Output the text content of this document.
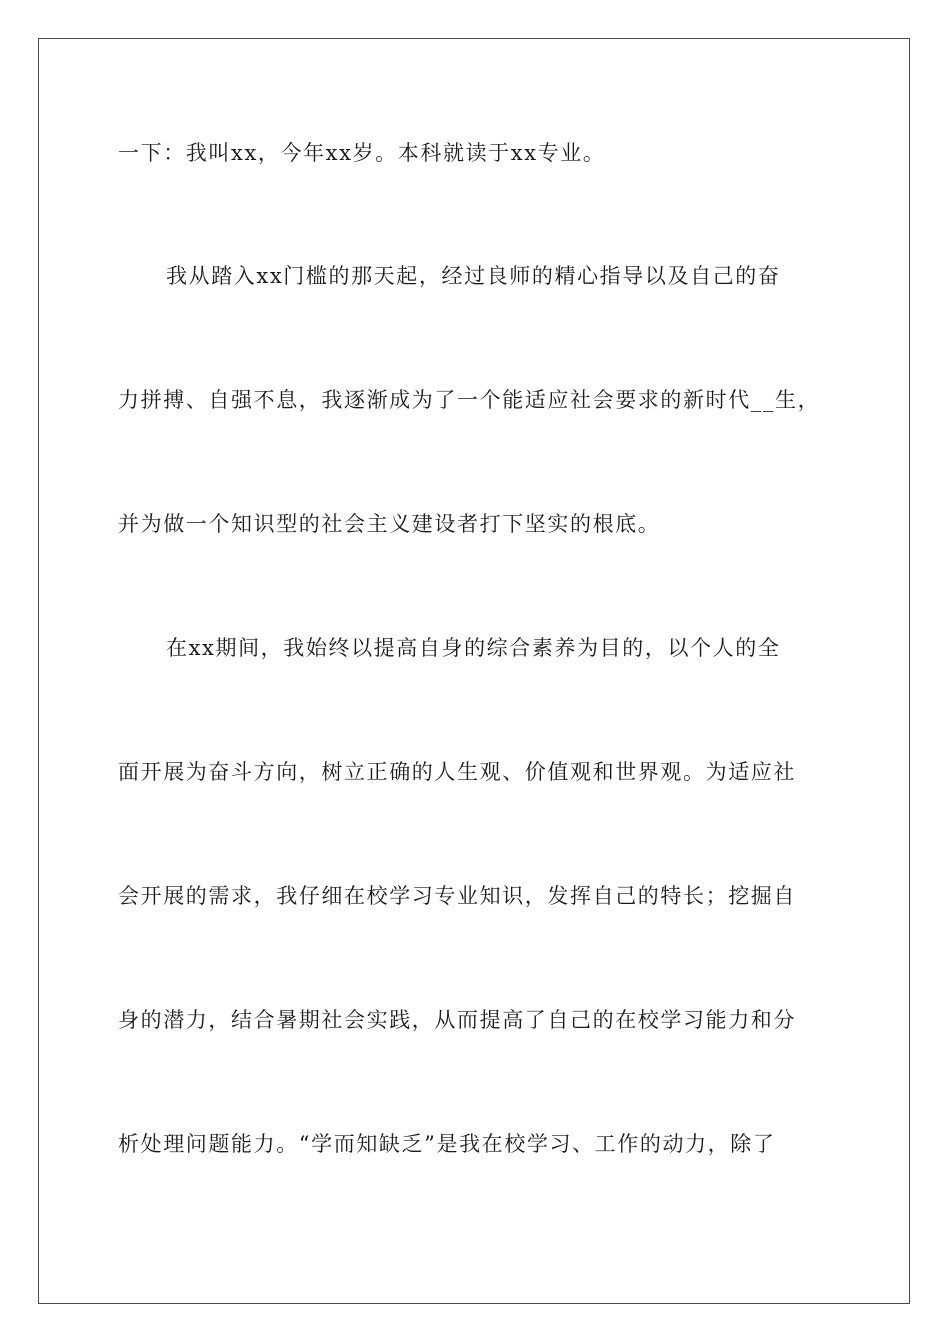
一下：我叫xx，今年xx岁。本科就读于xx专业。
我从踏入xx门槛的那天起，经过良师的精心指导以及自己的奋
力拼搏、自强不息，我逐渐成为了一个能适应社会要求的新时代__生，
并为做一个知识型的社会主义建设者打下坚实的根底。
在xx期间，我始终以提高自身的综合素养为目的，以个人的全
面开展为奋斗方向，树立正确的人生观、价值观和世界观。为适应社
会开展的需求，我仔细在校学习专业知识，发挥自己的特长；挖掘自
身的潜力，结合暑期社会实践，从而提高了自己的在校学习能力和分
析处理问题能力。“学而知缺乏”是我在校学习、工作的动力，除了
